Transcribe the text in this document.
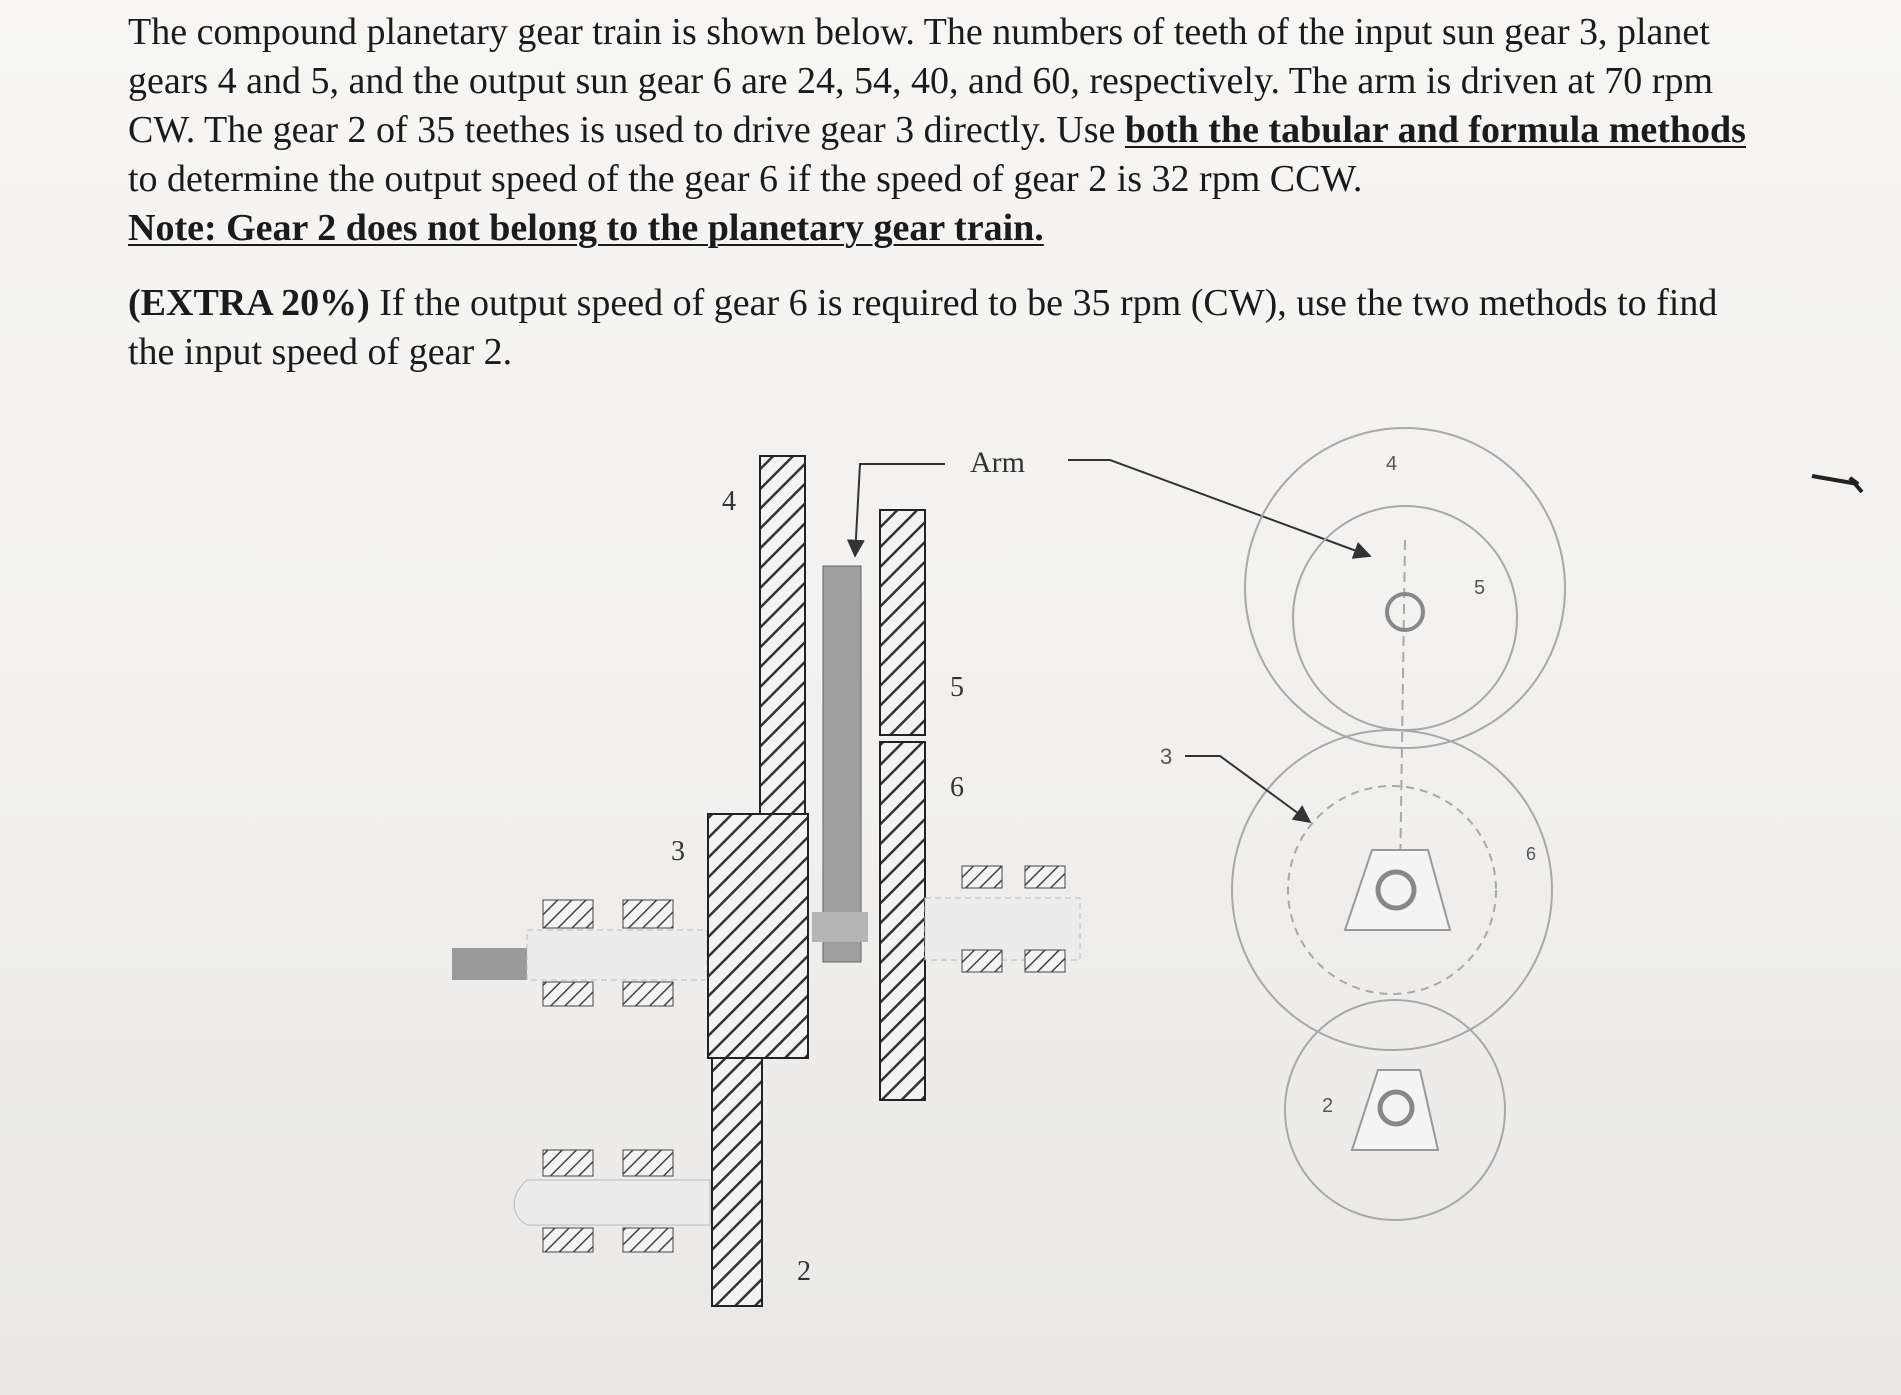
The compound planetary gear train is shown below. The numbers of teeth of the input sun gear 3, planet gears 4 and 5, and the output sun gear 6 are 24, 54, 40, and 60, respectively. The arm is driven at 70 rpm CW. The gear 2 of 35 teethes is used to drive gear 3 directly. Use both the tabular and formula methods to determine the output speed of the gear 6 if the speed of gear 2 is 32 rpm CCW.

Note: Gear 2 does not belong to the planetary gear train.

(EXTRA 20%) If the output speed of gear 6 is required to be 35 rpm (CW), use the two methods to find the input speed of gear 2.

4
Arm
5
6
3
2
4
5
3
6
2
